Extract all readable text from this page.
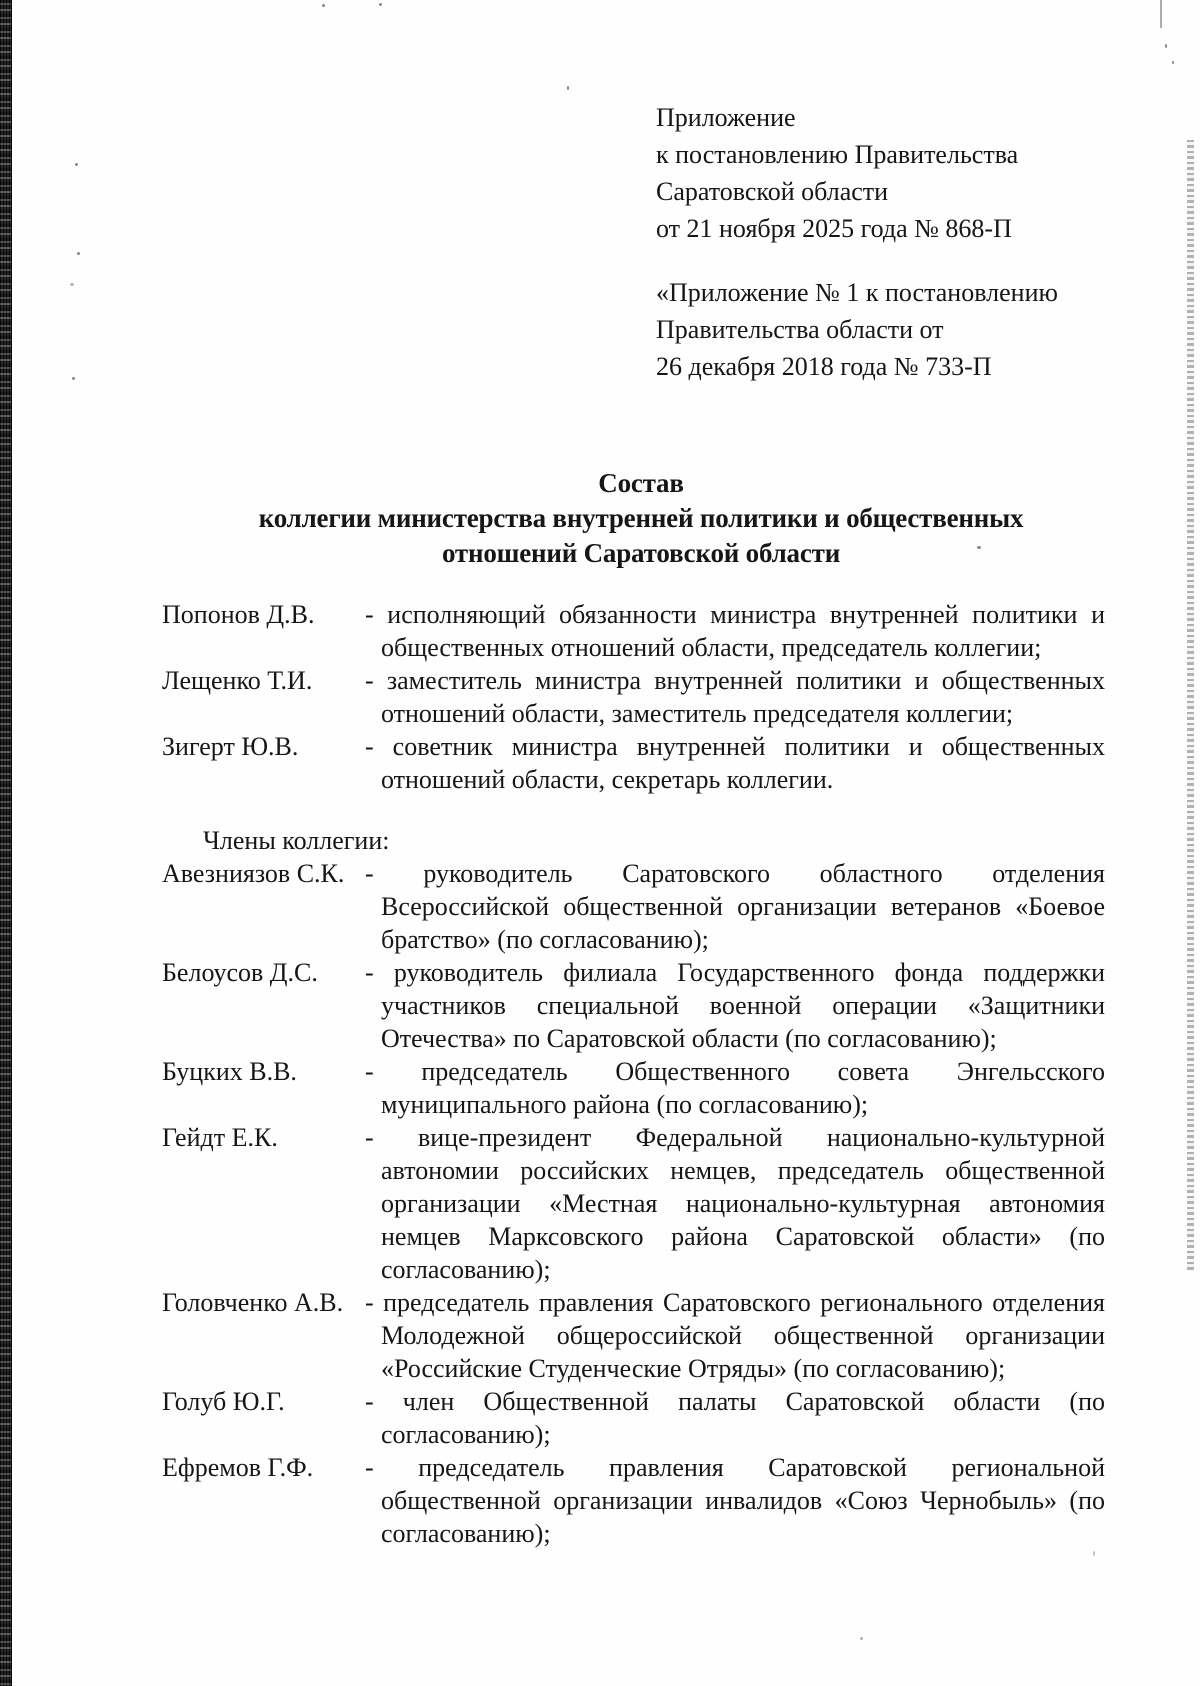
Приложение
к постановлению Правительства
Саратовской области
от 21 ноября 2025 года № 868-П
«Приложение № 1 к постановлению
Правительства области от
26 декабря 2018 года № 733-П
Состав
коллегии министерства внутренней политики и общественных
отношений Саратовской области
Попонов Д.В.	- исполняющий обязанности министра внутренней политики и общественных отношений области, председатель коллегии;
Лещенко Т.И.	- заместитель министра внутренней политики и общественных отношений области, заместитель председателя коллегии;
Зигерт Ю.В.	- советник министра внутренней политики и общественных отношений области, секретарь коллегии.
Члены коллегии:
Авезниязов С.К. - руководитель Саратовского областного отделения Всероссийской общественной организации ветеранов «Боевое братство» (по согласованию);
Белоусов Д.С.	- руководитель филиала Государственного фонда поддержки участников специальной военной операции «Защитники Отечества» по Саратовской области (по согласованию);
Буцких В.В.	- председатель Общественного совета Энгельсского муниципального района (по согласованию);
Гейдт Е.К.	- вице-президент Федеральной национально-культурной автономии российских немцев, председатель общественной организации «Местная национально-культурная автономия немцев Марксовского района Саратовской области» (по согласованию);
Головченко А.В. - председатель правления Саратовского регионального отделения Молодежной общероссийской общественной организации «Российские Студенческие Отряды» (по согласованию);
Голуб Ю.Г.	- член Общественной палаты Саратовской области (по согласованию);
Ефремов Г.Ф.	- председатель правления Саратовской региональной общественной организации инвалидов «Союз Чернобыль» (по согласованию);
